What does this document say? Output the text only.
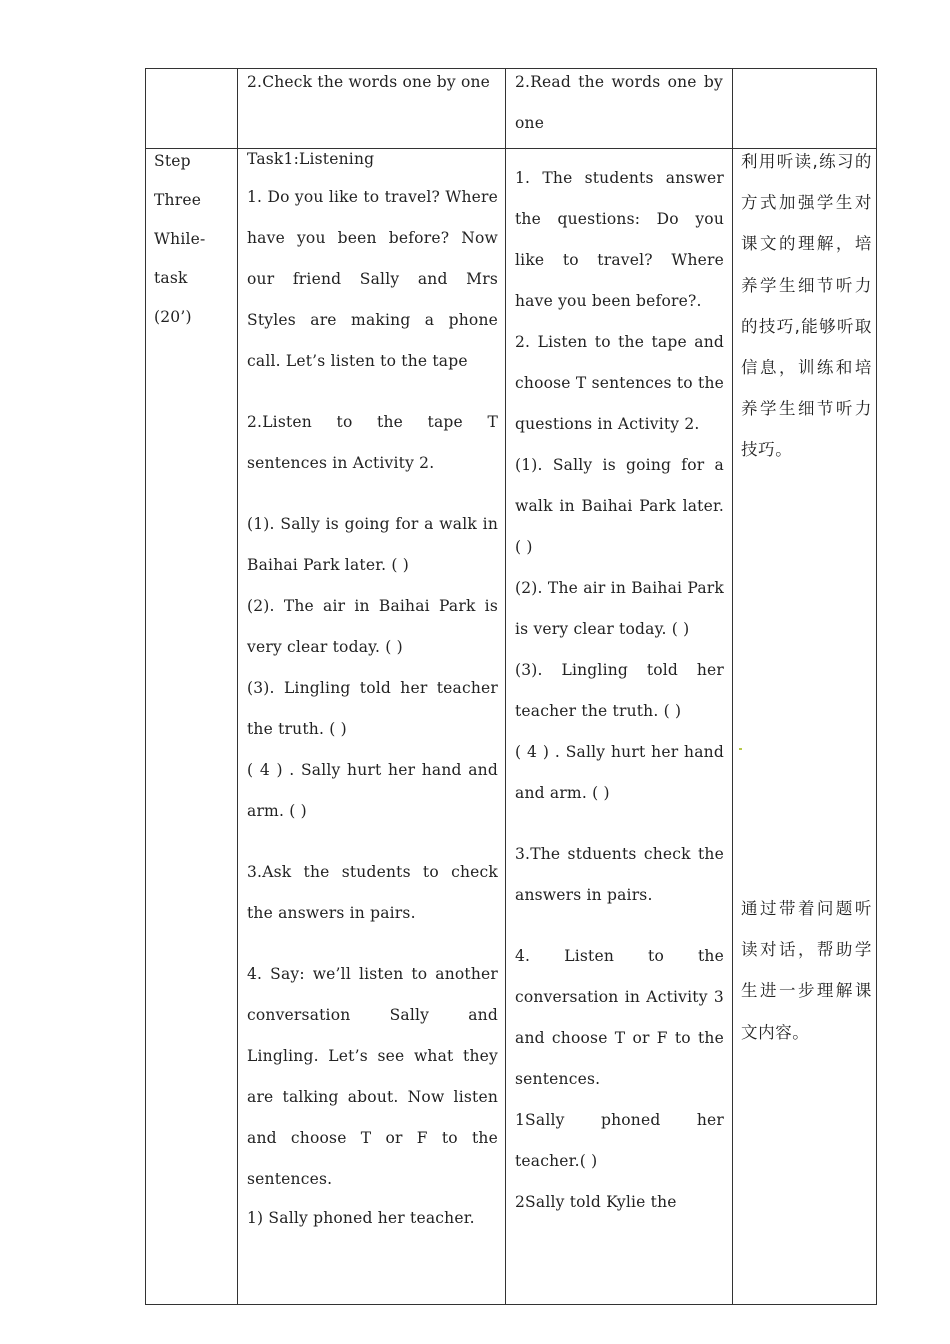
2.Check the words one by one	2.Read the words one by one

Step
Three
While-
task
(20’)

Task1:Listening

1. Do you like to travel? Where have you been before? Now our friend Sally and Mrs Styles are making a phone call. Let’s listen to the tape

2.Listen to the tape T sentences in Activity 2.

(1). Sally is going for a walk in Baihai Park later. ( )

(2). The air in Baihai Park is very clear today. ( )

(3). Lingling told her teacher the truth. ( )

( 4 ) . Sally hurt her hand and arm. ( )

3.Ask the students to check the answers in pairs.

4. Say: we’ll listen to another conversation Sally and Lingling. Let’s see what they are talking about. Now listen and choose T or F to the sentences.

1) Sally phoned her teacher.

1. The students answer the questions: Do you like to travel? Where have you been before?.

2. Listen to the tape and choose T sentences to the questions in Activity 2.

(1). Sally is going for a walk in Baihai Park later. ( )

(2). The air in Baihai Park is very clear today. ( )

(3). Lingling told her teacher the truth. ( )

( 4 ) . Sally hurt her hand and arm. ( )

3.The stduents check the answers in pairs.

4. Listen to the conversation in Activity 3 and choose T or F to the sentences.

1Sally phoned her teacher.( )

2Sally told Kylie the

利用听读,练习的方式加强学生对课文的理解，培养学生细节听力的技巧,能够听取信息，训练和培养学生细节听力技巧。

通过带着问题听读对话，帮助学生进一步理解课文内容。
